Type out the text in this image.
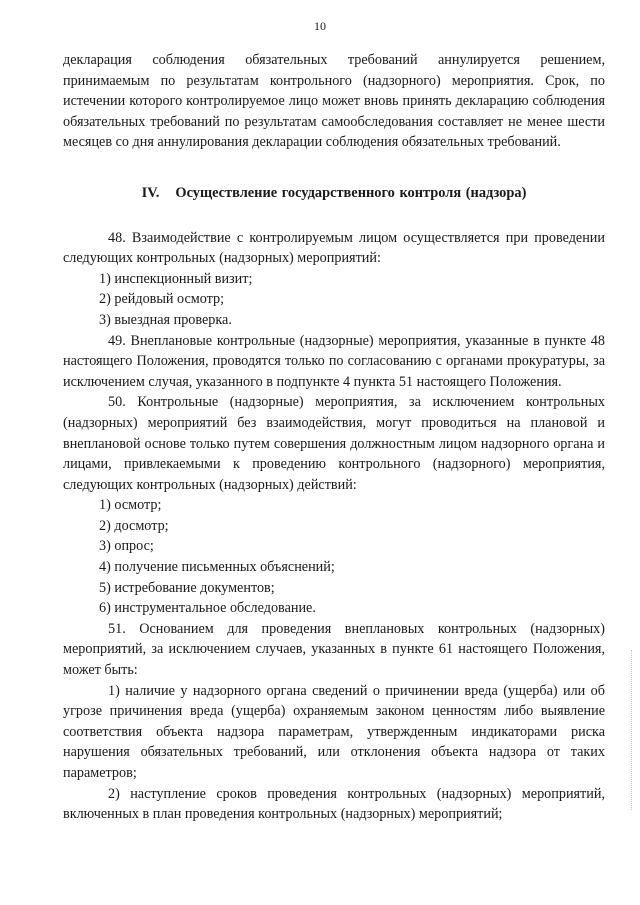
10

декларация соблюдения обязательных требований аннулируется решением, принимаемым по результатам контрольного (надзорного) мероприятия. Срок, по истечении которого контролируемое лицо может вновь принять декларацию соблюдения обязательных требований по результатам самообследования составляет не менее шести месяцев со дня аннулирования декларации соблюдения обязательных требований.

IV. Осуществление государственного контроля (надзора)

48. Взаимодействие с контролируемым лицом осуществляется при проведении следующих контрольных (надзорных) мероприятий:

1) инспекционный визит;

2) рейдовый осмотр;

3) выездная проверка.

49. Внеплановые контрольные (надзорные) мероприятия, указанные в пункте 48 настоящего Положения, проводятся только по согласованию с органами прокуратуры, за исключением случая, указанного в подпункте 4 пункта 51 настоящего Положения.

50. Контрольные (надзорные) мероприятия, за исключением контрольных (надзорных) мероприятий без взаимодействия, могут проводиться на плановой и внеплановой основе только путем совершения должностным лицом надзорного органа и лицами, привлекаемыми к проведению контрольного (надзорного) мероприятия, следующих контрольных (надзорных) действий:

1) осмотр;

2) досмотр;

3) опрос;

4) получение письменных объяснений;

5) истребование документов;

6) инструментальное обследование.

51. Основанием для проведения внеплановых контрольных (надзорных) мероприятий, за исключением случаев, указанных в пункте 61 настоящего Положения, может быть:

1) наличие у надзорного органа сведений о причинении вреда (ущерба) или об угрозе причинения вреда (ущерба) охраняемым законом ценностям либо выявление соответствия объекта надзора параметрам, утвержденным индикаторами риска нарушения обязательных требований, или отклонения объекта надзора от таких параметров;

2) наступление сроков проведения контрольных (надзорных) мероприятий, включенных в план проведения контрольных (надзорных) мероприятий;
